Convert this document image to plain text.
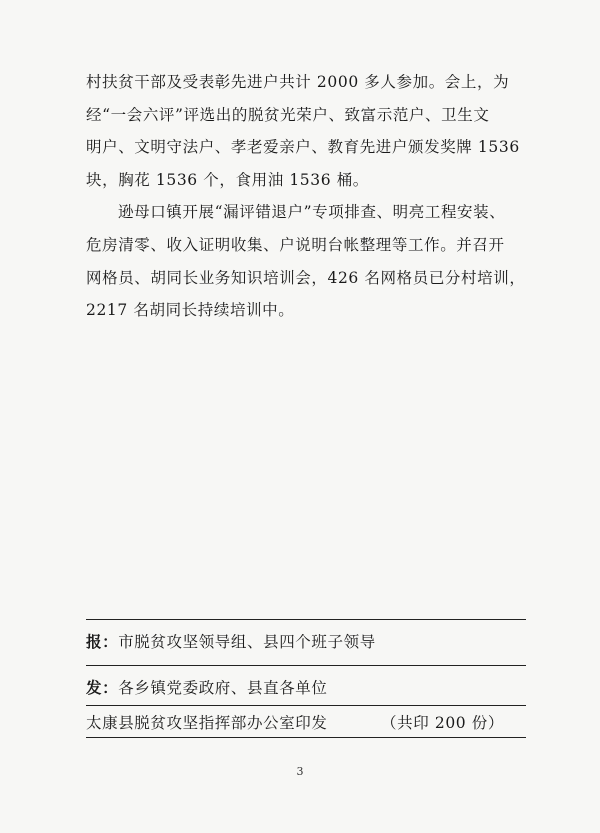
村扶贫干部及受表彰先进户共计 2000 多人参加。会上，为
经“一会六评”评选出的脱贫光荣户、致富示范户、卫生文
明户、文明守法户、孝老爱亲户、教育先进户颁发奖牌 1536
块，胸花 1536 个，食用油 1536 桶。

逊母口镇开展“漏评错退户”专项排查、明亮工程安装、
危房清零、收入证明收集、户说明台帐整理等工作。并召开
网格员、胡同长业务知识培训会，426 名网格员已分村培训，
2217 名胡同长持续培训中。

报：市脱贫攻坚领导组、县四个班子领导
发：各乡镇党委政府、县直各单位
太康县脱贫攻坚指挥部办公室印发	（共印 200 份）
3
